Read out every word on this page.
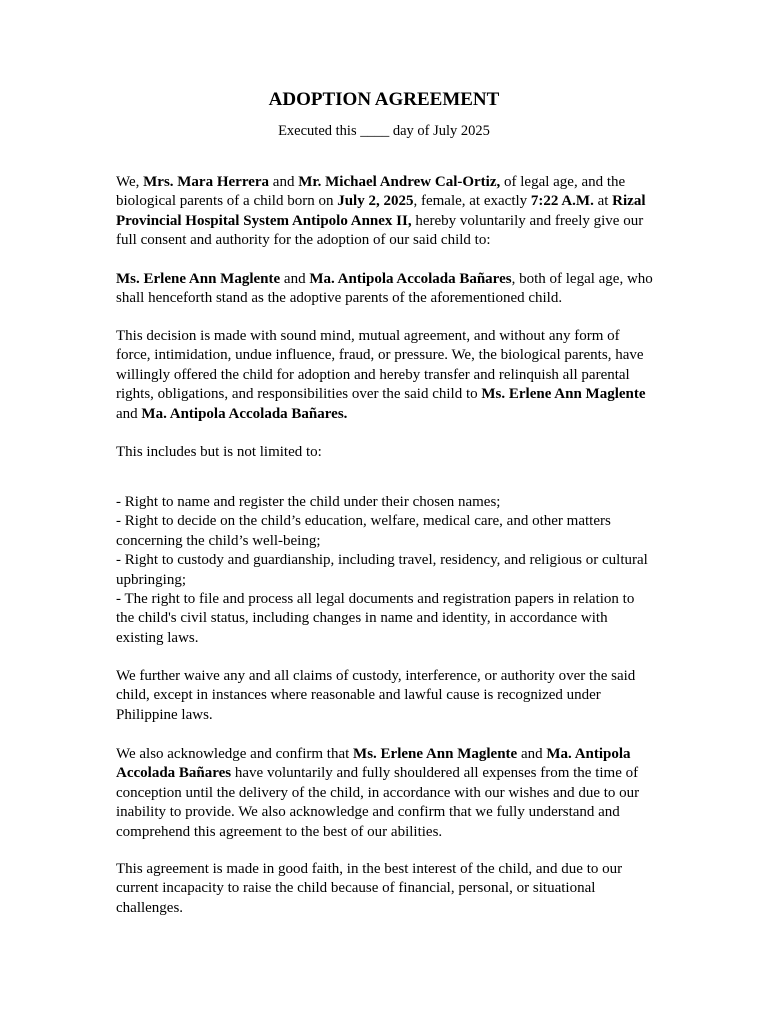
ADOPTION AGREEMENT
Executed this ____ day of July 2025
We, Mrs. Mara Herrera and Mr. Michael Andrew Cal-Ortiz, of legal age, and the biological parents of a child born on July 2, 2025, female, at exactly 7:22 A.M. at Rizal Provincial Hospital System Antipolo Annex II, hereby voluntarily and freely give our full consent and authority for the adoption of our said child to:
Ms. Erlene Ann Maglente and Ma. Antipola Accolada Bañares, both of legal age, who shall henceforth stand as the adoptive parents of the aforementioned child.
This decision is made with sound mind, mutual agreement, and without any form of force, intimidation, undue influence, fraud, or pressure. We, the biological parents, have willingly offered the child for adoption and hereby transfer and relinquish all parental rights, obligations, and responsibilities over the said child to Ms. Erlene Ann Maglente and Ma. Antipola Accolada Bañares.
This includes but is not limited to:
- Right to name and register the child under their chosen names;
- Right to decide on the child’s education, welfare, medical care, and other matters concerning the child’s well-being;
- Right to custody and guardianship, including travel, residency, and religious or cultural upbringing;
- The right to file and process all legal documents and registration papers in relation to the child's civil status, including changes in name and identity, in accordance with existing laws.
We further waive any and all claims of custody, interference, or authority over the said child, except in instances where reasonable and lawful cause is recognized under Philippine laws.
We also acknowledge and confirm that Ms. Erlene Ann Maglente and Ma. Antipola Accolada Bañares have voluntarily and fully shouldered all expenses from the time of conception until the delivery of the child, in accordance with our wishes and due to our inability to provide. We also acknowledge and confirm that we fully understand and comprehend this agreement to the best of our abilities.
This agreement is made in good faith, in the best interest of the child, and due to our current incapacity to raise the child because of financial, personal, or situational challenges.
